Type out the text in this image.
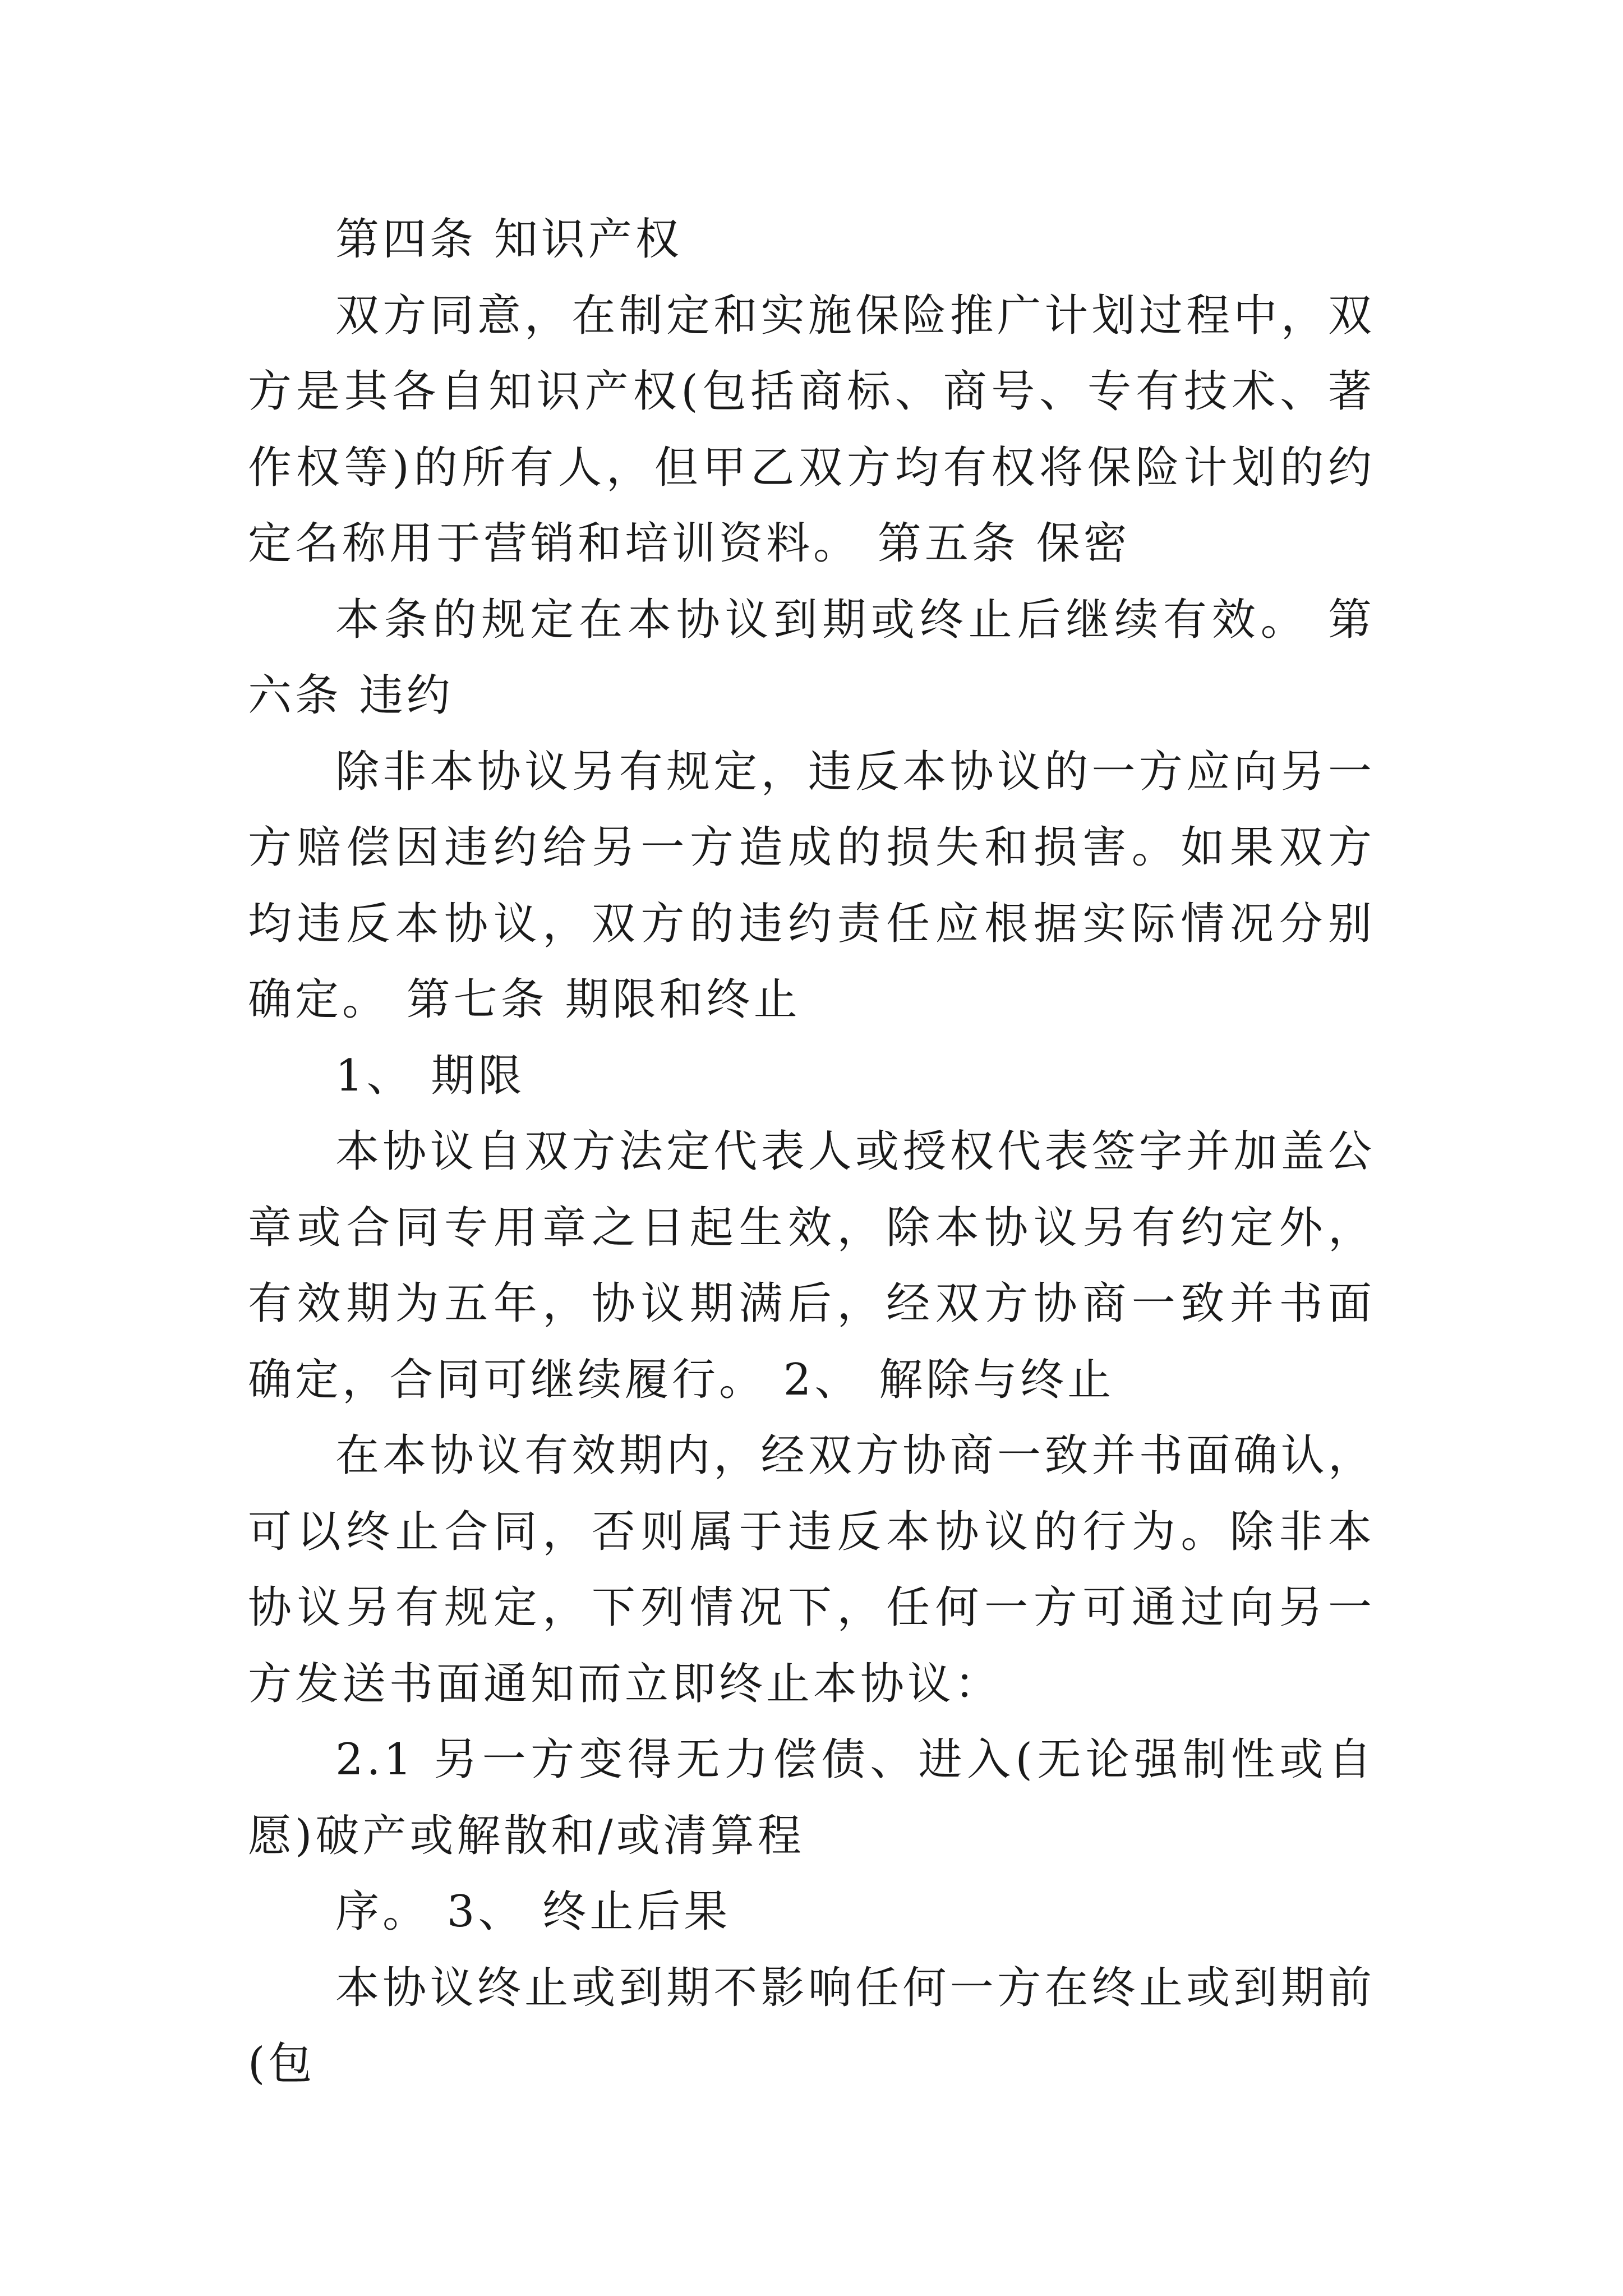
第四条 知识产权

双方同意，在制定和实施保险推广计划过程中，双方是其各自知识产权(包括商标、商号、专有技术、著作权等)的所有人，但甲乙双方均有权将保险计划的约定名称用于营销和培训资料。 第五条 保密

本条的规定在本协议到期或终止后继续有效。 第六条 违约

除非本协议另有规定，违反本协议的一方应向另一方赔偿因违约给另一方造成的损失和损害。如果双方均违反本协议，双方的违约责任应根据实际情况分别确定。 第七条 期限和终止

1、 期限

本协议自双方法定代表人或授权代表签字并加盖公章或合同专用章之日起生效，除本协议另有约定外，有效期为五年，协议期满后，经双方协商一致并书面确定，合同可继续履行。 2、 解除与终止

在本协议有效期内，经双方协商一致并书面确认，可以终止合同，否则属于违反本协议的行为。除非本协议另有规定，下列情况下，任何一方可通过向另一方发送书面通知而立即终止本协议：

2.1 另一方变得无力偿债、进入(无论强制性或自愿)破产或解散和/或清算程

序。 3、 终止后果

本协议终止或到期不影响任何一方在终止或到期前(包
